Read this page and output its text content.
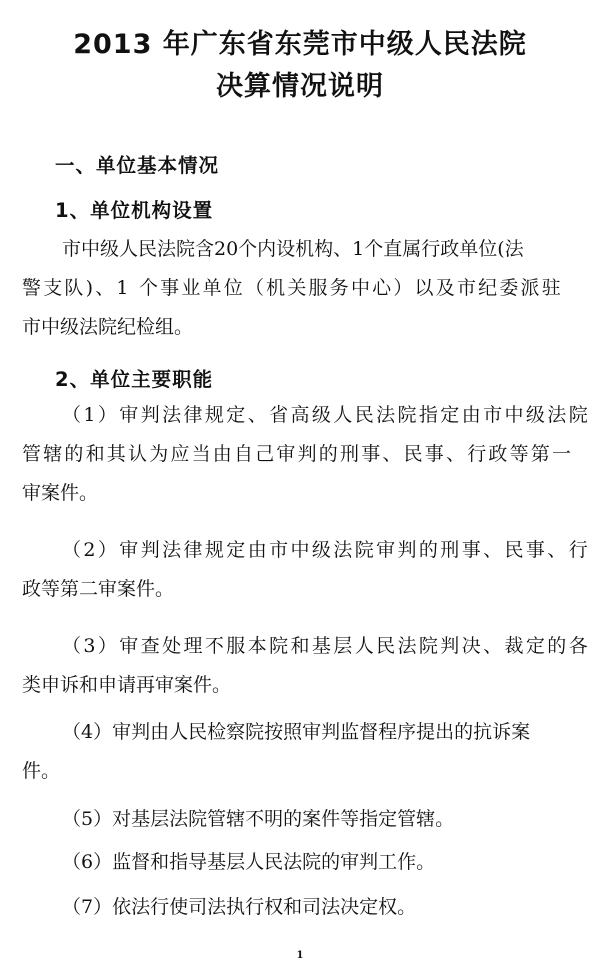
2013 年广东省东莞市中级人民法院
决算情况说明
一、单位基本情况
1、单位机构设置

市中级人民法院含20个内设机构、1个直属行政单位(法
警支队)、1 个事业单位（机关服务中心）以及市纪委派驻
市中级法院纪检组。

2、单位主要职能

（1）审判法律规定、省高级人民法院指定由市中级法院
管辖的和其认为应当由自己审判的刑事、民事、行政等第一
审案件。

（2）审判法律规定由市中级法院审判的刑事、民事、行
政等第二审案件。

（3）审查处理不服本院和基层人民法院判决、裁定的各
类申诉和申请再审案件。

（4）审判由人民检察院按照审判监督程序提出的抗诉案
件。

（5）对基层法院管辖不明的案件等指定管辖。

（6）监督和指导基层人民法院的审判工作。

（7）依法行使司法执行权和司法决定权。

1
